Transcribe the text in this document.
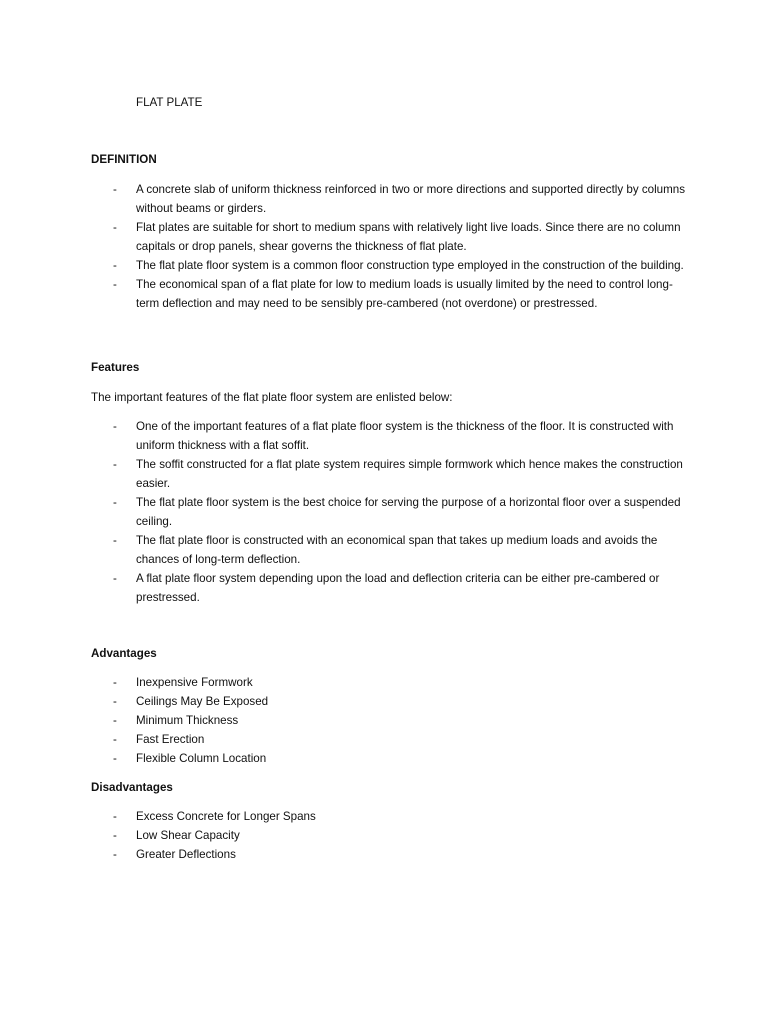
FLAT PLATE
DEFINITION
- A concrete slab of uniform thickness reinforced in two or more directions and supported directly by columns without beams or girders.
- Flat plates are suitable for short to medium spans with relatively light live loads. Since there are no column capitals or drop panels, shear governs the thickness of flat plate.
- The flat plate floor system is a common floor construction type employed in the construction of the building.
- The economical span of a flat plate for low to medium loads is usually limited by the need to control long-term deflection and may need to be sensibly pre-cambered (not overdone) or prestressed.
Features

The important features of the flat plate floor system are enlisted below:

- One of the important features of a flat plate floor system is the thickness of the floor. It is constructed with uniform thickness with a flat soffit.
- The soffit constructed for a flat plate system requires simple formwork which hence makes the construction easier.
- The flat plate floor system is the best choice for serving the purpose of a horizontal floor over a suspended ceiling.
- The flat plate floor is constructed with an economical span that takes up medium loads and avoids the chances of long-term deflection.
- A flat plate floor system depending upon the load and deflection criteria can be either pre-cambered or prestressed.
Advantages
- Inexpensive Formwork
- Ceilings May Be Exposed
- Minimum Thickness
- Fast Erection
- Flexible Column Location
Disadvantages
- Excess Concrete for Longer Spans
- Low Shear Capacity
- Greater Deflections
